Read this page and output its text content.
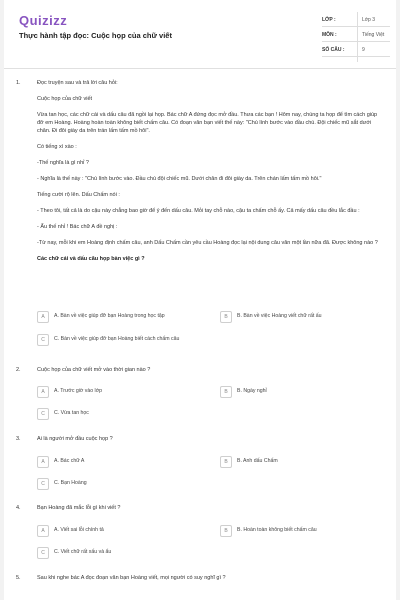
Quizizz
Thực hành tập đọc: Cuộc họp của chữ viết
LỚP :	Lớp 3
MÔN :	Tiếng Việt
SỐ CÂU :	9
1.	Đọc truyện sau và trả lời câu hỏi:

Cuộc họp của chữ viết

Vừa tan học, các chữ cái và dấu câu đã ngồi lại họp. Bác chữ A đứng đọc mở đầu. Thưa các bạn ! Hôm nay, chúng ta họp để tìm cách giúp đỡ em Hoàng. Hoàng hoàn toàn không biết chấm câu. Có đoạn văn bạn viết thế này: "Chú lính bước vào đầu chú. Đội chiếc mũ sắt dưới chân. Đi đôi giày da trên trán lấm tấm mồ hôi".

Có tiếng xì xào :

-Thế nghĩa là gì nhỉ ?

- Nghĩa là thế này : "Chú lính bước vào. Đầu chú đội chiếc mũ. Dưới chân đi đôi giày da. Trên chán lấm tấm mồ hôi."

Tiếng cười rộ lên. Dấu Chấm nói :

- Theo tôi, tất cả là do cậu này chẳng bao giờ để ý đến dấu câu. Mỏi tay chỗ nào, cậu ta chấm chỗ ấy. Cả mấy dấu câu đều lắc đầu :

- Ấu thế nhỉ ! Bác chữ A đề nghị :

-Từ nay, mỗi khi em Hoàng định chấm câu, anh Dấu Chấm cần yêu cầu Hoàng đọc lại nội dung câu văn một lần nữa đã. Được không nào ?

Các chữ cái và dấu câu họp bàn việc gì ?

A	A. Bàn về việc giúp đỡ bạn Hoàng trong học tập	B	B. Bàn về việc Hoàng viết chữ rất ấu
C	C. Bàn về việc giúp đỡ bạn Hoàng biết cách chấm câu
2.	Cuộc họp của chữ viết mở vào thời gian nào ?
A	A. Trước giờ vào lớp	B	B. Ngày nghỉ
C	C. Vừa tan học
3.	Ai là người mở đầu cuộc họp ?
A	A. Bác chữ A	B	B. Anh dấu Chấm
C	C. Bạn Hoàng
4.	Bạn Hoàng đã mắc lỗi gì khi viết ?
A	A. Viết sai lỗi chính tả	B	B. Hoàn toàn không biết chấm câu
C	C. Viết chữ rất xấu và ẩu
5.	Sau khi nghe bác A đọc đoạn văn bạn Hoàng viết, mọi người có suy nghĩ gì ?
